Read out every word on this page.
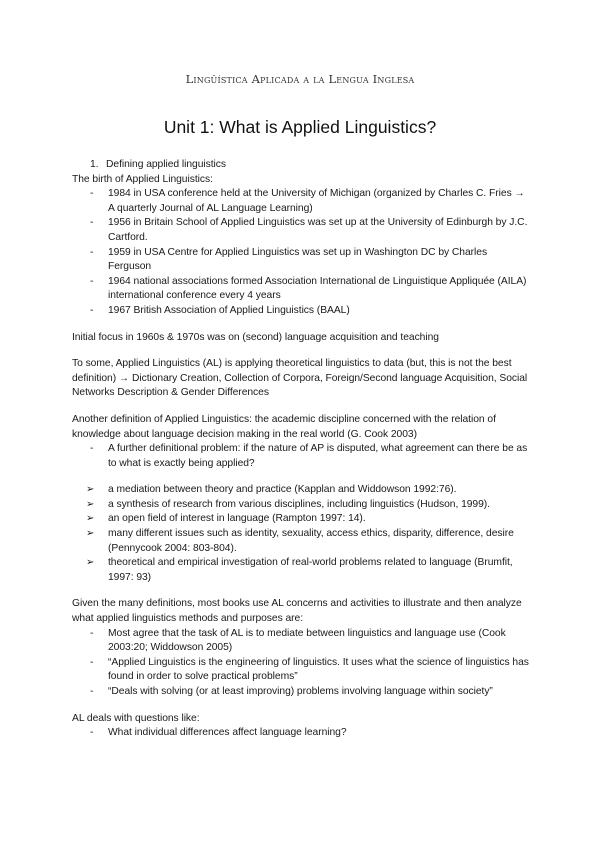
Lingüística Aplicada a la Lengua Inglesa
Unit 1: What is Applied Linguistics?
1. Defining applied linguistics

The birth of Applied Linguistics:

- 1984 in USA conference held at the University of Michigan (organized by Charles C. Fries → A quarterly Journal of AL Language Learning)
- 1956 in Britain School of Applied Linguistics was set up at the University of Edinburgh by J.C. Cartford.
- 1959 in USA Centre for Applied Linguistics was set up in Washington DC by Charles Ferguson
- 1964 national associations formed Association International de Linguistique Appliquée (AILA) international conference every 4 years
- 1967 British Association of Applied Linguistics (BAAL)

Initial focus in 1960s & 1970s was on (second) language acquisition and teaching

To some, Applied Linguistics (AL) is applying theoretical linguistics to data (but, this is not the best definition) → Dictionary Creation, Collection of Corpora, Foreign/Second language Acquisition, Social Networks Description & Gender Differences

Another definition of Applied Linguistics: the academic discipline concerned with the relation of knowledge about language decision making in the real world (G. Cook 2003)

- A further definitional problem: if the nature of AP is disputed, what agreement can there be as to what is exactly being applied?
➢ a mediation between theory and practice (Kapplan and Widdowson 1992:76).
➢ a synthesis of research from various disciplines, including linguistics (Hudson, 1999).
➢ an open field of interest in language (Rampton 1997: 14).
➢ many different issues such as identity, sexuality, access ethics, disparity, difference, desire (Pennycook 2004: 803-804).
➢ theoretical and empirical investigation of real-world problems related to language (Brumfit, 1997: 93)

Given the many definitions, most books use AL concerns and activities to illustrate and then analyze what applied linguistics methods and purposes are:

- Most agree that the task of AL is to mediate between linguistics and language use (Cook 2003:20; Widdowson 2005)
- “Applied Linguistics is the engineering of linguistics. It uses what the science of linguistics has found in order to solve practical problems”
- “Deals with solving (or at least improving) problems involving language within society”

AL deals with questions like:

- What individual differences affect language learning?
